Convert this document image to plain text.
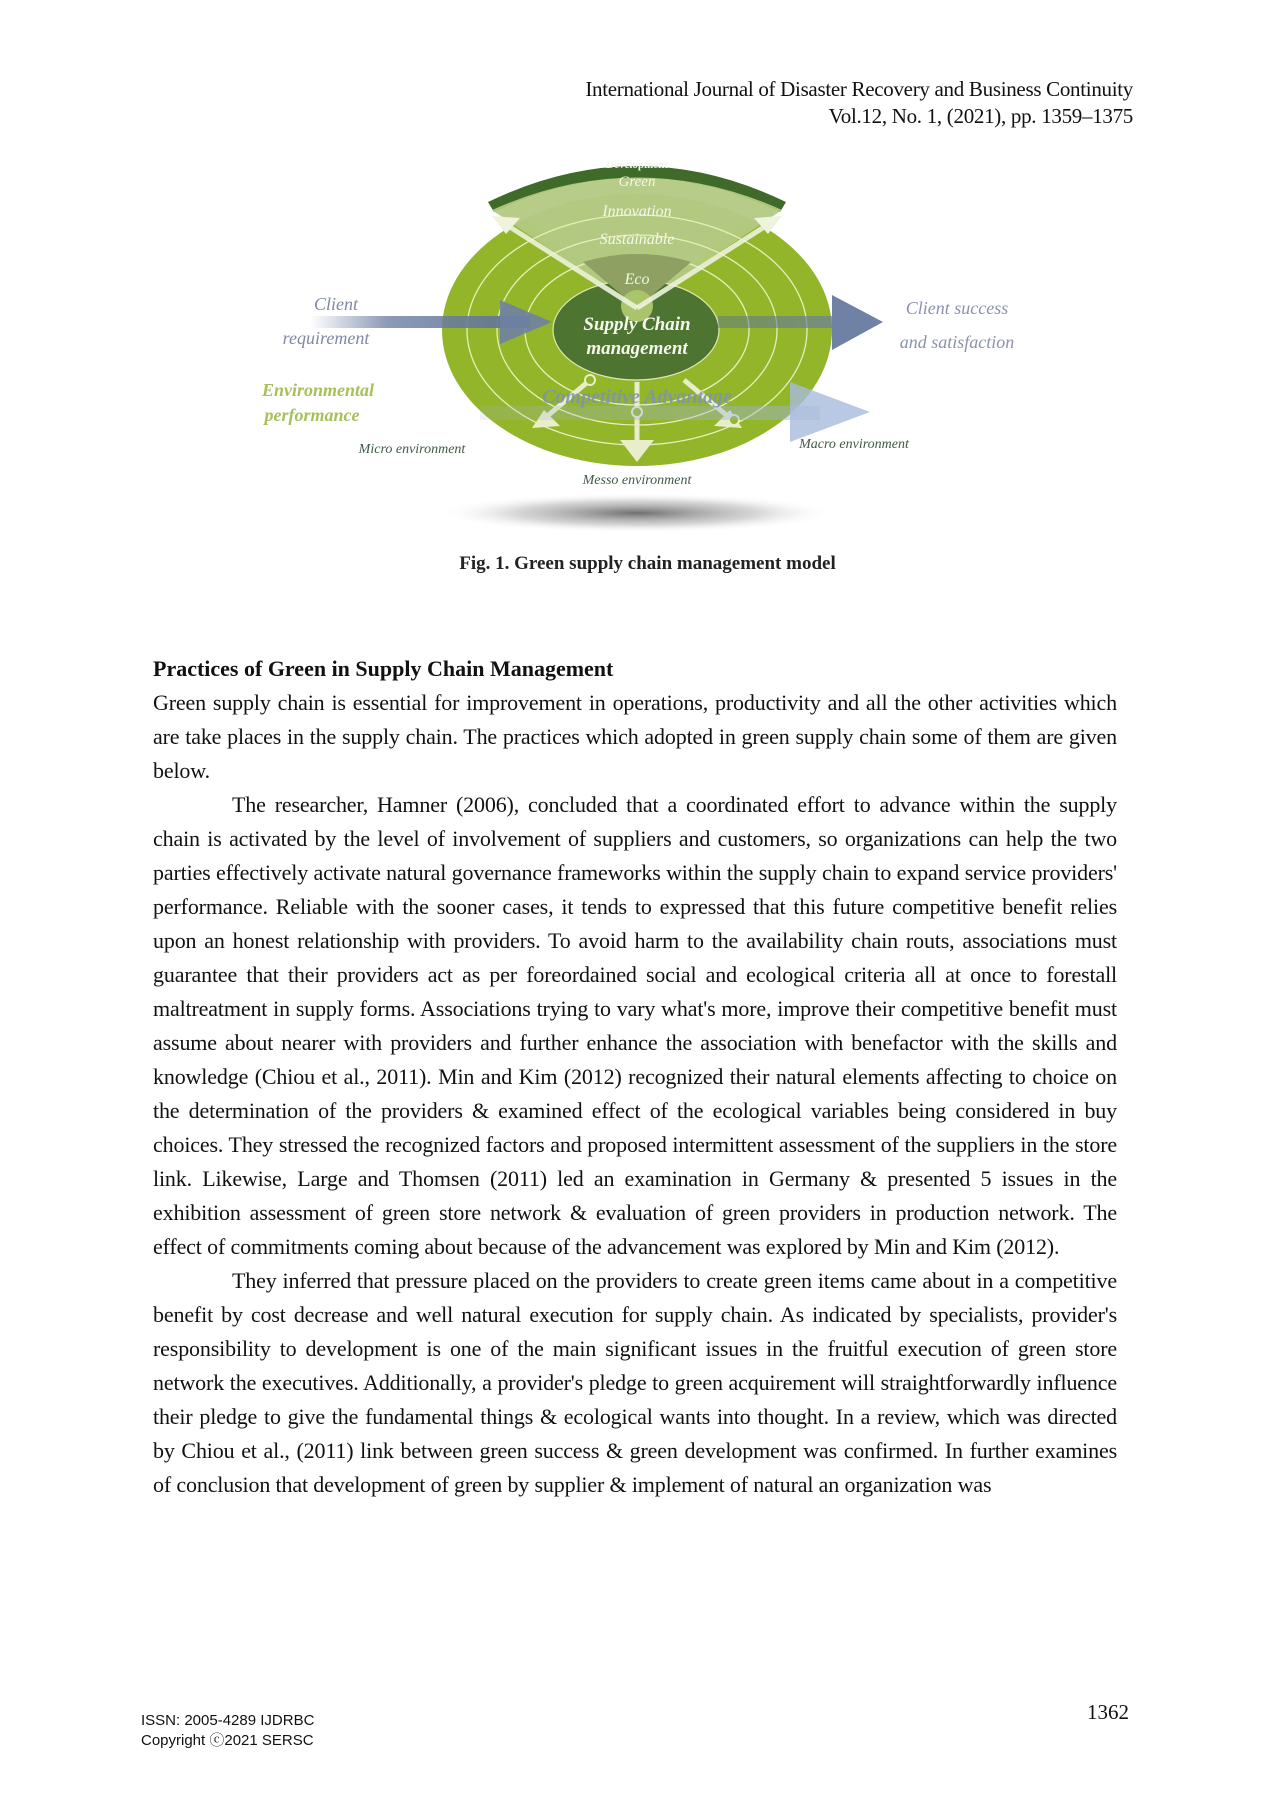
International Journal of Disaster Recovery and Business Continuity
Vol.12, No. 1, (2021), pp. 1359–1375
Development
Green
Innovation
Sustainable
Eco
Supply Chain
management
Competitive Advantage
Client
requirement
Client success
and satisfaction
Environmental
performance
Micro environment
Messo environment
Macro environment
Fig. 1. Green supply chain management model
Practices of Green in Supply Chain Management

Green supply chain is essential for improvement in operations, productivity and all the other activities which are take places in the supply chain. The practices which adopted in green supply chain some of them are given below.

The researcher, Hamner (2006), concluded that a coordinated effort to advance within the supply chain is activated by the level of involvement of suppliers and customers, so organizations can help the two parties effectively activate natural governance frameworks within the supply chain to expand service providers' performance. Reliable with the sooner cases, it tends to expressed that this future competitive benefit relies upon an honest relationship with providers. To avoid harm to the availability chain routs, associations must guarantee that their providers act as per foreordained social and ecological criteria all at once to forestall maltreatment in supply forms. Associations trying to vary what's more, improve their competitive benefit must assume about nearer with providers and further enhance the association with benefactor with the skills and knowledge (Chiou et al., 2011). Min and Kim (2012) recognized their natural elements affecting to choice on the determination of the providers & examined effect of the ecological variables being considered in buy choices. They stressed the recognized factors and proposed intermittent assessment of the suppliers in the store link. Likewise, Large and Thomsen (2011) led an examination in Germany & presented 5 issues in the exhibition assessment of green store network & evaluation of green providers in production network. The effect of commitments coming about because of the advancement was explored by Min and Kim (2012).

They inferred that pressure placed on the providers to create green items came about in a competitive benefit by cost decrease and well natural execution for supply chain. As indicated by specialists, provider's responsibility to development is one of the main significant issues in the fruitful execution of green store network the executives. Additionally, a provider's pledge to green acquirement will straightforwardly influence their pledge to give the fundamental things & ecological wants into thought. In a review, which was directed by Chiou et al., (2011) link between green success & green development was confirmed. In further examines of conclusion that development of green by supplier & implement of natural an organization was

ISSN: 2005-4289 IJDRBC
Copyright ⓒ2021 SERSC
1362
